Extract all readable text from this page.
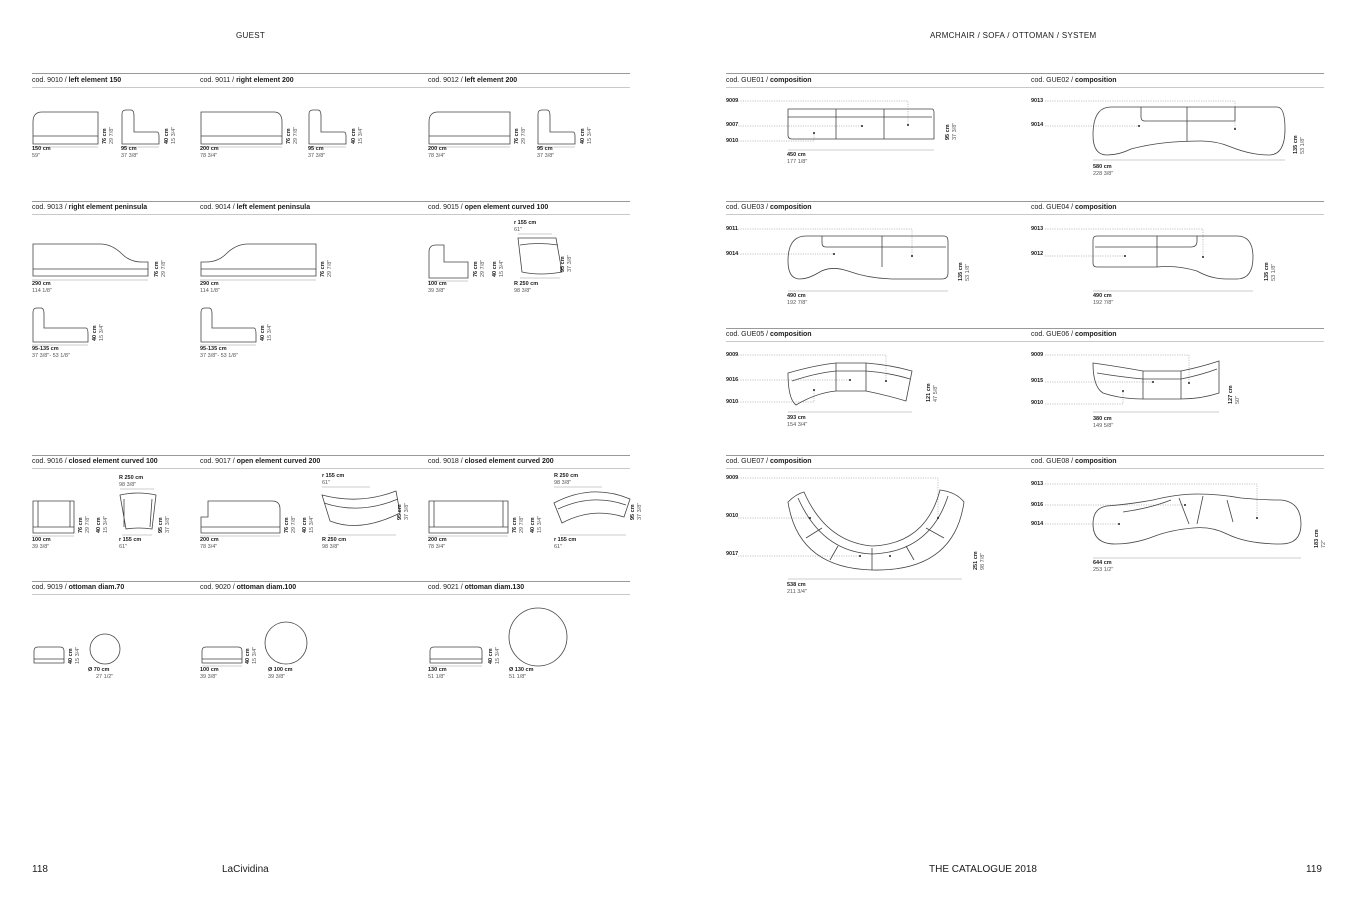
GUEST	ARMCHAIR / SOFA / OTTOMAN / SYSTEM
cod. 9010 / left element 150	cod. 9011 / right element 200	cod. 9012 / left element 200
150 cm
59"
76 cm 29 7/8"
95 cm
37 3/8"
40 cm 15 3/4"
200 cm
78 3/4"
76 cm 29 7/8"
95 cm
37 3/8"
40 cm 15 3/4"
200 cm
78 3/4"
76 cm 29 7/8"
95 cm
37 3/8"
40 cm 15 3/4"
cod. 9013 / right element peninsula	cod. 9014 / left element peninsula	cod. 9015 / open element curved 100
290 cm
114 1/8"
76 cm 29 7/8"
95-135 cm
37 3/8"- 53 1/8"
40 cm 15 3/4"
290 cm
114 1/8"
76 cm 29 7/8"
95-135 cm
37 3/8"- 53 1/8"
40 cm 15 3/4"
100 cm
39 3/8"
76 cm 29 7/8" 40 cm 15 3/4"
r 155 cm
61"
95 cm 37 3/8"
R 250 cm
98 3/8"
cod. 9016 / closed element curved 100	cod. 9017 / open element curved 200	cod. 9018 / closed element curved 200
100 cm
39 3/8"
76 cm 29 7/8" 40 cm 15 3/4"
R 250 cm
98 3/8"
r 155 cm
61"
95 cm 37 3/8"
200 cm
78 3/4"
76 cm 29 7/8" 40 cm 15 3/4"
r 155 cm
61"
95 cm 37 3/8"
R 250 cm
98 3/8"
200 cm
78 3/4"
76 cm 29 7/8" 40 cm 15 3/4"
R 250 cm
98 3/8"
95 cm 37 3/8"
r 155 cm
61"
cod. 9019 / ottoman diam.70	cod. 9020 / ottoman diam.100	cod. 9021 / ottoman diam.130
40 cm 15 3/4"
Ø 70 cm
27 1/2"
100 cm
39 3/8"
40 cm 15 3/4"
Ø 100 cm
39 3/8"
130 cm
51 1/8"
40 cm 15 3/4"
Ø 130 cm
51 1/8"
cod. GUE01 / composition
9009
9007
9010
450 cm
177 1/8"
95 cm 37 3/8"
cod. GUE02 / composition
9013
9014
580 cm
228 3/8"
135 cm 53 1/8"
cod. GUE03 / composition
9011
9014
490 cm
192 7/8"
135 cm 53 1/8"
cod. GUE04 / composition
9013
9012
490 cm
192 7/8"
135 cm 53 1/8"
cod. GUE05 / composition
9009
9016
9010
393 cm
154 3/4"
121 cm 47 5/8"
cod. GUE06 / composition
9009
9015
9010
380 cm
149 5/8"
127 cm 50"
cod. GUE07 / composition
9009
9010
9017
538 cm
211 3/4"
251 cm 98 7/8"
cod. GUE08 / composition
9013
9016
9014
644 cm
253 1/2"
183 cm 72"
118	LaCividina	THE CATALOGUE 2018	119
